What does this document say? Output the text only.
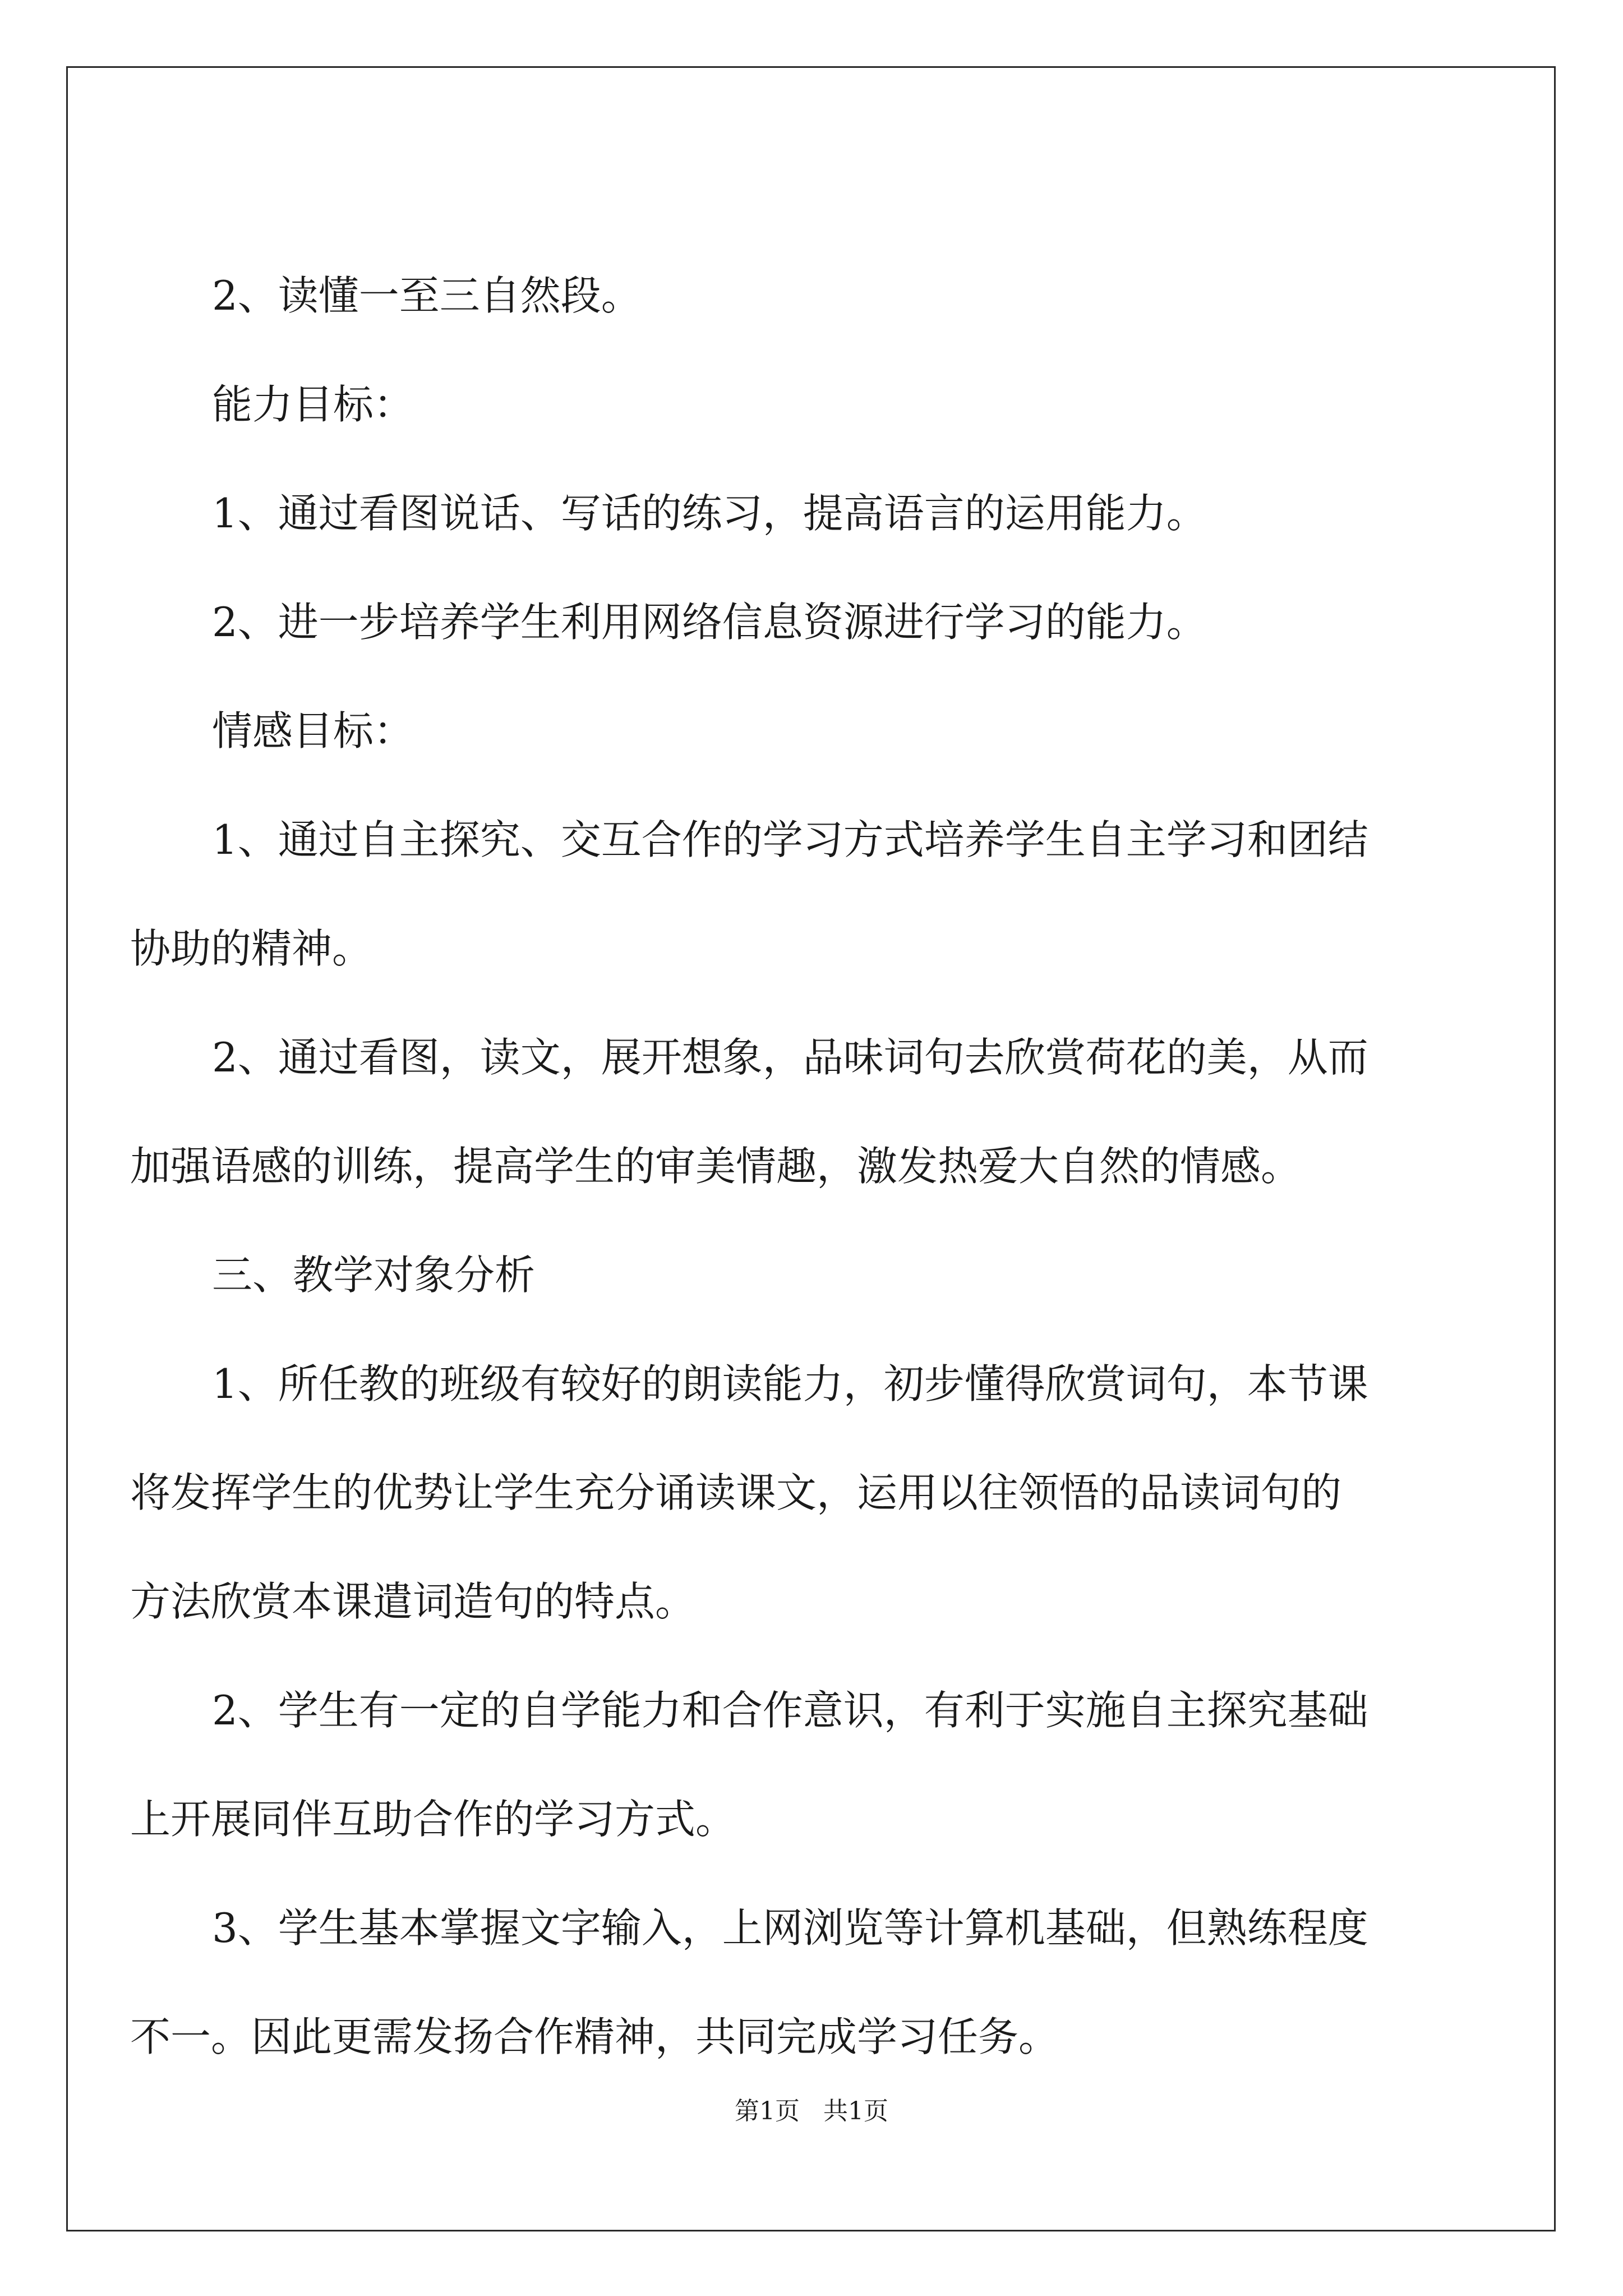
2、读懂一至三自然段。

能力目标：

1、通过看图说话、写话的练习，提高语言的运用能力。

2、进一步培养学生利用网络信息资源进行学习的能力。

情感目标：

1、通过自主探究、交互合作的学习方式培养学生自主学习和团结

协助的精神。

2、通过看图，读文，展开想象，品味词句去欣赏荷花的美，从而

加强语感的训练，提高学生的审美情趣，激发热爱大自然的情感。

三、教学对象分析

1、所任教的班级有较好的朗读能力，初步懂得欣赏词句，本节课

将发挥学生的优势让学生充分诵读课文，运用以往领悟的品读词句的

方法欣赏本课遣词造句的特点。

2、学生有一定的自学能力和合作意识，有利于实施自主探究基础

上开展同伴互助合作的学习方式。

3、学生基本掌握文字输入，上网浏览等计算机基础，但熟练程度

不一。因此更需发扬合作精神，共同完成学习任务。

第1页   共1页
